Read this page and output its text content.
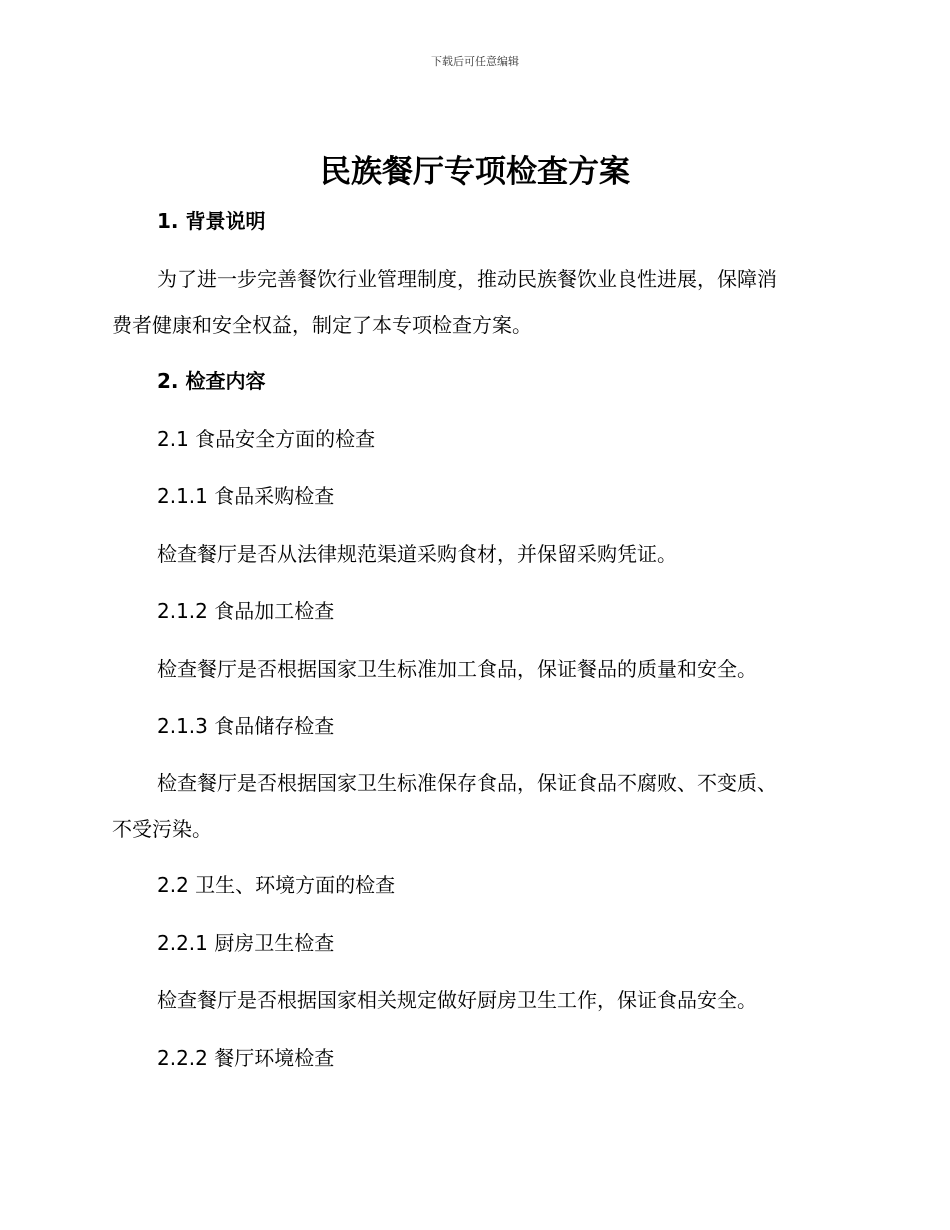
下载后可任意编辑
民族餐厅专项检查方案
1. 背景说明
为了进一步完善餐饮行业管理制度，推动民族餐饮业良性进展，保障消
费者健康和安全权益，制定了本专项检查方案。
2. 检查内容
2.1 食品安全方面的检查
2.1.1 食品采购检查
检查餐厅是否从法律规范渠道采购食材，并保留采购凭证。
2.1.2 食品加工检查
检查餐厅是否根据国家卫生标准加工食品，保证餐品的质量和安全。
2.1.3 食品储存检查
检查餐厅是否根据国家卫生标准保存食品，保证食品不腐败、不变质、
不受污染。
2.2 卫生、环境方面的检查
2.2.1 厨房卫生检查
检查餐厅是否根据国家相关规定做好厨房卫生工作，保证食品安全。
2.2.2 餐厅环境检查
